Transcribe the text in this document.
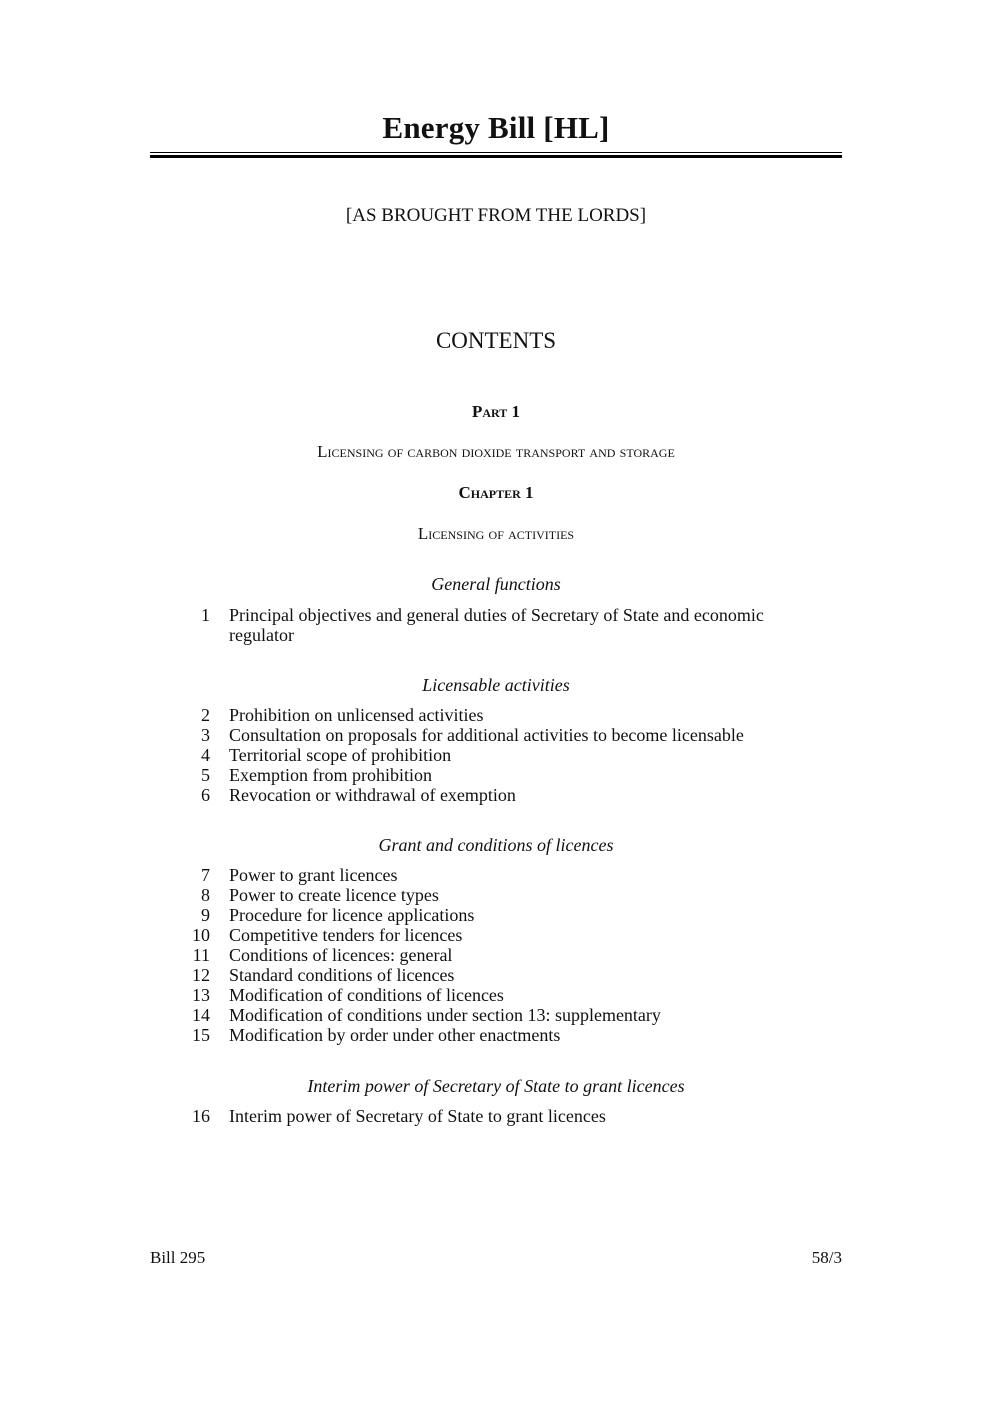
Energy Bill [HL]
[AS BROUGHT FROM THE LORDS]
CONTENTS
Part 1
Licensing of carbon dioxide transport and storage
Chapter 1
Licensing of activities
General functions
1 Principal objectives and general duties of Secretary of State and economic regulator
Licensable activities
2 Prohibition on unlicensed activities
3 Consultation on proposals for additional activities to become licensable
4 Territorial scope of prohibition
5 Exemption from prohibition
6 Revocation or withdrawal of exemption
Grant and conditions of licences
7 Power to grant licences
8 Power to create licence types
9 Procedure for licence applications
10 Competitive tenders for licences
11 Conditions of licences: general
12 Standard conditions of licences
13 Modification of conditions of licences
14 Modification of conditions under section 13: supplementary
15 Modification by order under other enactments
Interim power of Secretary of State to grant licences
16 Interim power of Secretary of State to grant licences
Bill 295	58/3
